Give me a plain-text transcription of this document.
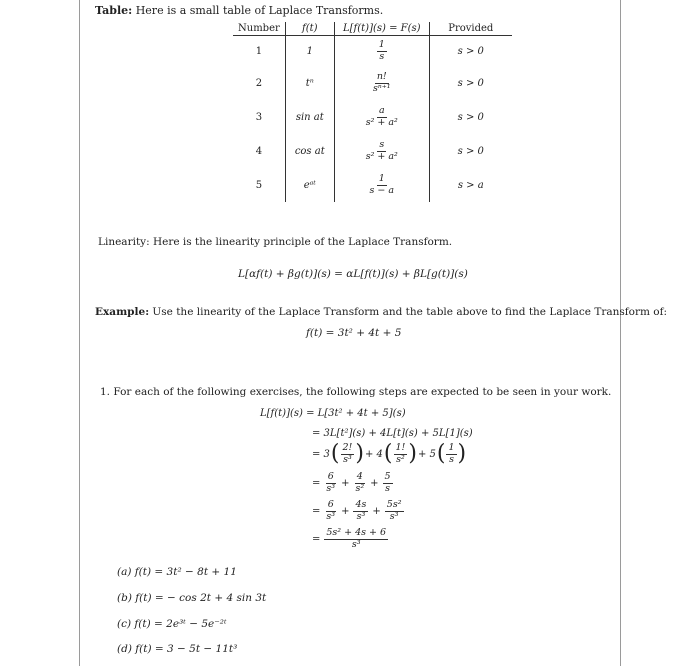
Table: Here is a small table of Laplace Transforms.
Number	f(t)	L[f(t)](s) = F(s)	Provided
1	1	$\frac{1}{s}$	s > 0
2	tⁿ	$\frac{n!}{\text{sⁿ⁺¹}}$	s > 0
3	sin at	$\frac{a}{\text{s² + a²}}$	s > 0
4	cos at	$\frac{s}{\text{s² + a²}}$	s > 0
5	eᵃᵗ	$\frac{1}{s - a}$	s > a
Linearity: Here is the linearity principle of the Laplace Transform.
L[αf(t) + βg(t)](s) = αL[f(t)](s) + βL[g(t)](s)
Example: Use the linearity of the Laplace Transform and the table above to find the Laplace Transform of:
f(t) = 3t² + 4t + 5
1. For each of the following exercises, the following steps are expected to be seen in your work.
L[f(t)](s) = L[3t² + 4t + 5](s)
= 3L[t²](s) + 4L[t](s) + 5L[1](s)
= 3 ( $\frac{2!}{\text{s³}}$ ) + 4 ( $\frac{1!}{\text{s²}}$ ) + 5 ( $\frac{1}{s}$ )
= $\frac{6}{\text{s³}} + \frac{4}{\text{s²}} + \frac{5}{s}$
= $\frac{6}{\text{s³}} + \frac{4s}{\text{s³}} + \frac{\text{5s²}}{\text{s³}}$
= $\frac{\text{5s² + 4s + 6}}{\text{s³}}$
(a) f(t) = 3t² − 8t + 11
(b) f(t) = − cos 2t + 4 sin 3t
(c) f(t) = 2e³ᵗ − 5e⁻²ᵗ
(d) f(t) = 3 − 5t − 11t³
